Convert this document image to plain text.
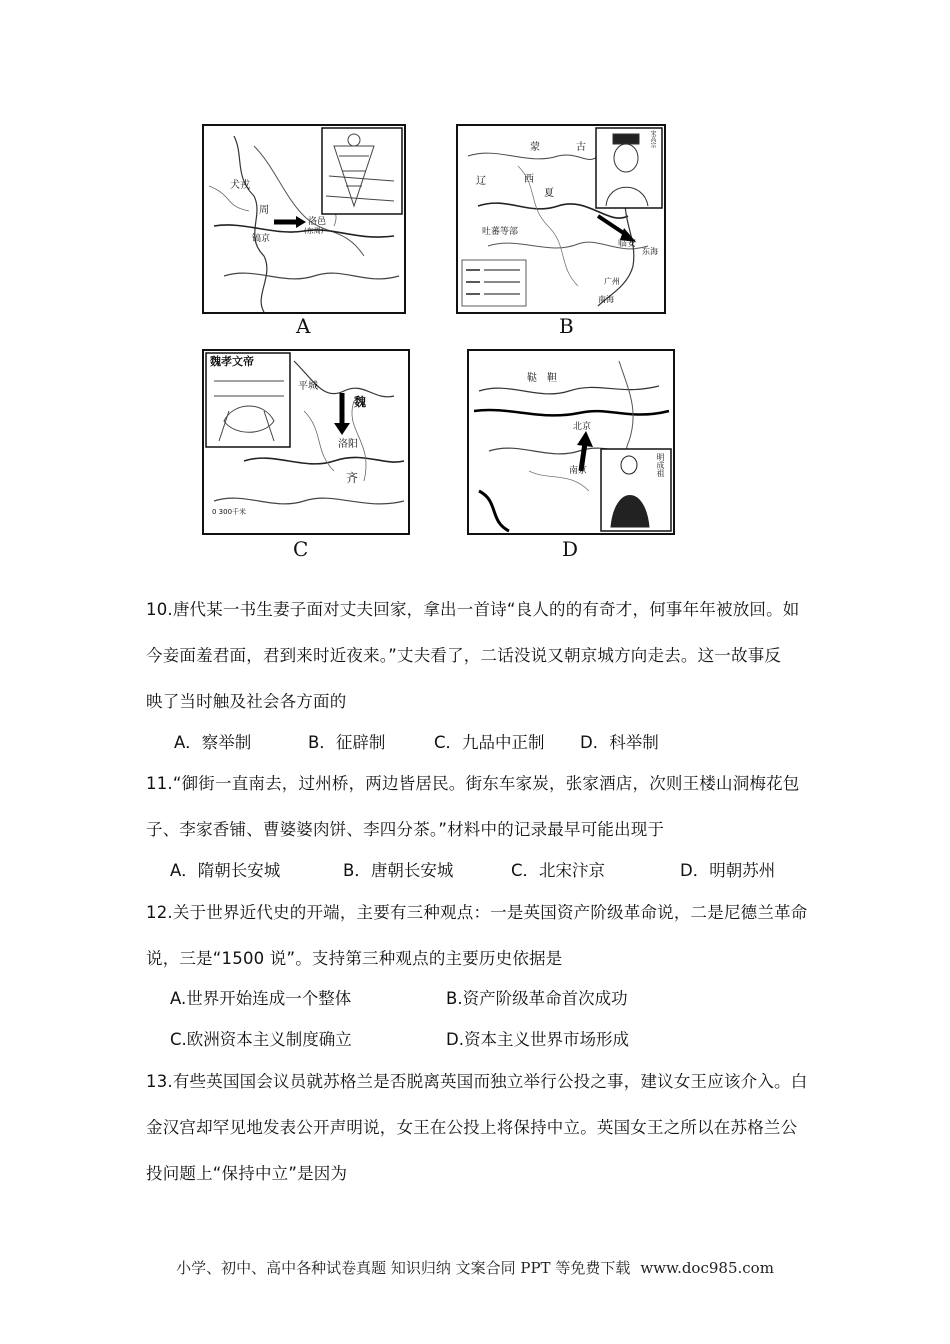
犬戎
周
镐京
洛邑
(东周)
A
蒙	古
辽	西
夏
吐蕃等部
临安
广州
南海
东海
宋高宗
B
魏孝文帝
平城
魏
洛阳
齐
0 300千米
C
鞑 靼
北京
南京	明成祖
D
10.唐代某一书生妻子面对丈夫回家，拿出一首诗“良人的的有奇才，何事年年被放回。如
今妾面羞君面，君到来时近夜来。”丈夫看了，二话没说又朝京城方向走去。这一故事反
映了当时触及社会各方面的
A．察举制	B．征辟制	C．九品中正制 D．科举制
11.“御街一直南去，过州桥，两边皆居民。街东车家炭，张家酒店，次则王楼山洞梅花包
子、李家香铺、曹婆婆肉饼、李四分茶。”材料中的记录最早可能出现于
A．隋朝长安城	B．唐朝长安城	C．北宋汴京	D．明朝苏州
12.关于世界近代史的开端，主要有三种观点：一是英国资产阶级革命说，二是尼德兰革命
说，三是“1500 说”。支持第三种观点的主要历史依据是
A.世界开始连成一个整体	B.资产阶级革命首次成功
C.欧洲资本主义制度确立	D.资本主义世界市场形成
13.有些英国国会议员就苏格兰是否脱离英国而独立举行公投之事，建议女王应该介入。白
金汉宫却罕见地发表公开声明说，女王在公投上将保持中立。英国女王之所以在苏格兰公
投问题上“保持中立”是因为
小学、初中、高中各种试卷真题 知识归纳 文案合同 PPT 等免费下载 www.doc985.com
